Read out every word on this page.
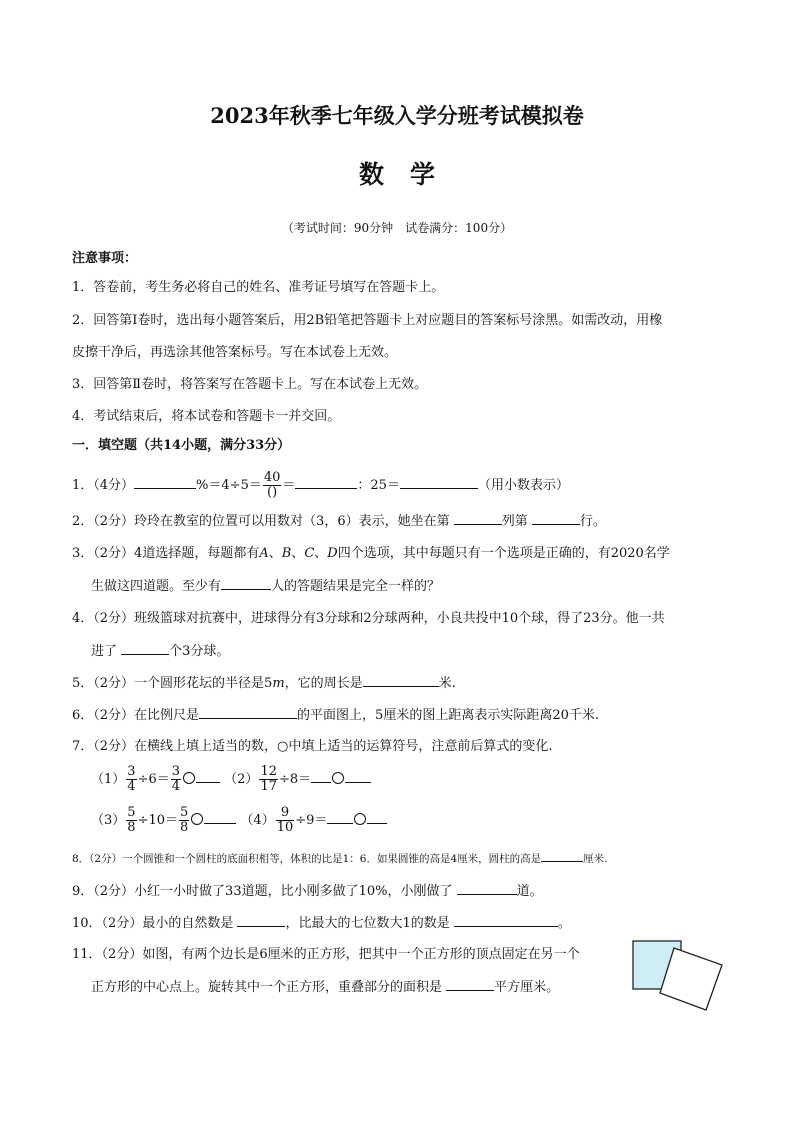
2023年秋季七年级入学分班考试模拟卷
数学
（考试时间：90分钟　试卷满分：100分）
注意事项：
1．答卷前，考生务必将自己的姓名、准考证号填写在答题卡上。
2．回答第Ⅰ卷时，选出每小题答案后，用2B铅笔把答题卡上对应题目的答案标号涂黑。如需改动，用橡
皮擦干净后，再选涂其他答案标号。写在本试卷上无效。
3．回答第Ⅱ卷时，将答案写在答题卡上。写在本试卷上无效。
4．考试结束后，将本试卷和答题卡一并交回。
一．填空题（共14小题，满分33分）
1．（4分）	$\%=4\div 5= \frac{40}{()}$ ＝	：25＝	（用小数表示）
2．（2分）玲玲在教室的位置可以用数对（3，6）表示，她坐在第	列第	行。
3．（2分）4道选择题，每题都有A、B、C、D四个选项，其中每题只有一个选项是正确的，有2020名学
生做这四道题。至少有	人的答题结果是完全一样的？
4．（2分）班级篮球对抗赛中，进球得分有3分球和2分球两种，小良共投中10个球，得了23分。他一共
进了	个3分球。
5．（2分）一个圆形花坛的半径是5m，它的周长是	米.
6．（2分）在比例尺是	的平面图上，5厘米的图上距离表示实际距离20千米.
7．（2分）在横线上填上适当的数，○中填上适当的运算符号，注意前后算式的变化.
$(1) \frac{3}{4} \div 6= \frac{3}{4}$	$(2) \frac{12}{17} \div 8=$
$(3) \frac{5}{8} \div 10= \frac{5}{8}$	$(4) \frac{9}{10} \div 9=$
8．（2分）一个圆锥和一个圆柱的底面积相等，体积的比是1：6．如果圆锥的高是4厘米，圆柱的高是	厘米.
9．（2分）小红一小时做了33道题，比小刚多做了10%，小刚做了	道。
10．（2分）最小的自然数是	，比最大的七位数大1的数是	。
11．（2分）如图，有两个边长是6厘米的正方形，把其中一个正方形的顶点固定在另一个
正方形的中心点上。旋转其中一个正方形，重叠部分的面积是	平方厘米。
